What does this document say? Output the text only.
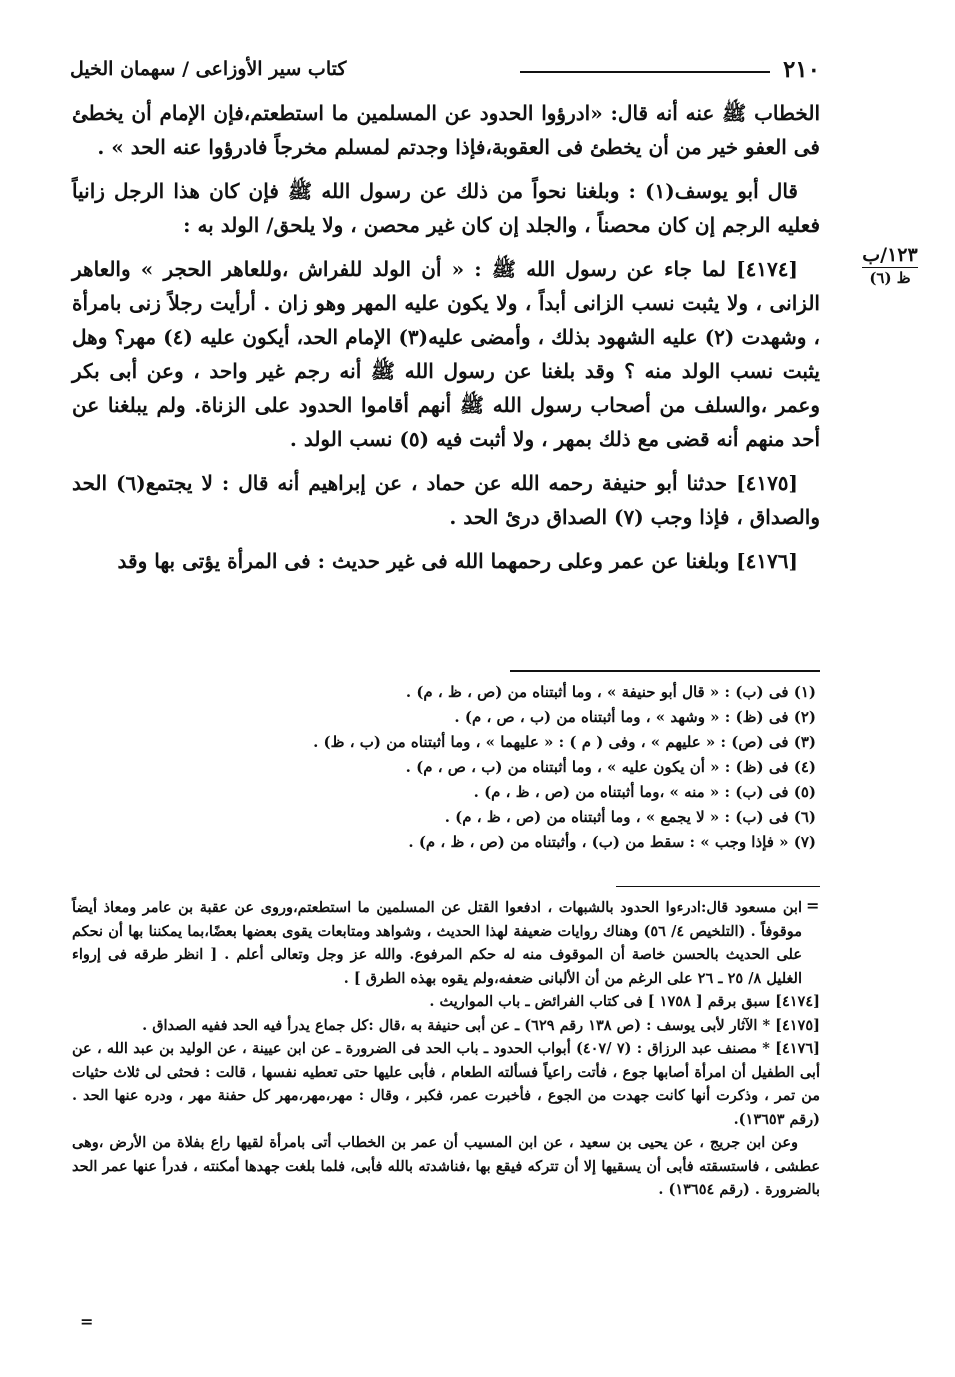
٢١٠
كتاب سير الأوزاعى / سهمان الخيل
١٢٣/ب
ظ (٦)

الخطاب ﷺ عنه أنه قال: «ادرؤوا الحدود عن المسلمين ما استطعتم،فإن الإمام أن يخطئ فى العفو خير من أن يخطئ فى العقوبة،فإذا وجدتم لمسلم مخرجاً فادرؤوا عنه الحد » .

قال أبو يوسف(١) : وبلغنا نحواً من ذلك عن رسول الله ﷺ فإن كان هذا الرجل زانياً فعليه الرجم إن كان محصناً ، والجلد إن كان غير محصن ، ولا يلحق/ الولد به :

[٤١٧٤] لما جاء عن رسول الله ﷺ : « أن الولد للفراش ،وللعاهر الحجر » والعاهر الزانى ، ولا يثبت نسب الزانى أبداً ، ولا يكون عليه المهر وهو زان . أرأيت رجلاً زنى بامرأة ، وشهدت (٢) عليه الشهود بذلك ، وأمضى عليه(٣) الإمام الحد، أيكون عليه (٤) مهر؟ وهل يثبت نسب الولد منه ؟ وقد بلغنا عن رسول الله ﷺ أنه رجم غير واحد ، وعن أبى بكر وعمر ،والسلف من أصحاب رسول الله ﷺ أنهم أقاموا الحدود على الزناة. ولم يبلغنا عن أحد منهم أنه قضى مع ذلك بمهر ، ولا أثبت فيه (٥) نسب الولد .

[٤١٧٥] حدثنا أبو حنيفة رحمه الله عن حماد ، عن إبراهيم أنه قال : لا يجتمع(٦) الحد والصداق ، فإذا وجب (٧) الصداق درئ الحد .

[٤١٧٦] وبلغنا عن عمر وعلى رحمهما الله فى غير حديث : فى المرأة يؤتى بها وقد

(١) فى (ب) : « قال أبو حنيفة » ، وما أثبتناه من (ص ، ظ ، م) .
(٢) فى (ظ) : « وشهد » ، وما أثبتناه من (ب ، ص ، م) .
(٣) فى (ص) : « عليهم » ، وفى ( م ) : « عليهما » ، وما أثبتناه من (ب ، ظ) .
(٤) فى (ظ) : « أن يكون عليه » ، وما أثبتناه من (ب ، ص ، م) .
(٥) فى (ب) : « منه » ،وما أثبتناه من (ص ، ظ ، م) .
(٦) فى (ب) : « لا يجمع » ، وما أثبتناه من (ص ، ظ ، م) .
(٧) « فإذا وجب » : سقط من (ب) ، وأثبتناه من (ص ، ظ ، م) .
=

ابن مسعود قال:ادرءوا الحدود بالشبهات ، ادفعوا القتل عن المسلمين ما استطعتم،وروى عن عقبة بن عامر ومعاذ أيضاً موقوفاً . (التلخيص ٤/ ٥٦) وهناك روايات ضعيفة لهذا الحديث ، وشواهد ومتابعات يقوى بعضها بعضًا،بما يمكننا بها أن نحكم على الحديث بالحسن خاصة أن الموقوف منه له حكم المرفوع. والله عز وجل وتعالى أعلم . [ انظر طرقه فى إرواء الغليل ٨/ ٢٥ ـ ٢٦ على الرغم من أن الألبانى ضعفه،ولم يقوه بهذه الطرق ] .

[٤١٧٤] سبق برقم [ ١٧٥٨ ] فى كتاب الفرائض ـ باب المواريث .

[٤١٧٥] * الآثار لأبى يوسف : (ص ١٣٨ رقم ٦٢٩) ـ عن أبى حنيفة به ،قال :كل جماع يدرأ فيه الحد ففيه الصداق .

[٤١٧٦] * مصنف عبد الرزاق : (٧ /٤٠٧) أبواب الحدود ـ باب الحد فى الضرورة ـ عن ابن عيينة ، عن الوليد بن عبد الله ، عن أبى الطفيل أن امرأة أصابها جوع ، فأتت راعياً فسألته الطعام ، فأبى عليها حتى تعطيه نفسها ، قالت : فحثى لى ثلاث حثيات من تمر ، وذكرت أنها كانت جهدت من الجوع ، فأخبرت عمر، فكبر ، وقال : مهر،مهر،مهر كل حفنة مهر ، ودره عنها الحد . (رقم ١٣٦٥٣).

وعن ابن جريج ، عن يحيى بن سعيد ، عن ابن المسيب أن عمر بن الخطاب أتى بامرأة لقيها راع بفلاة من الأرض ،وهى عطشى ، فاستسقته فأبى أن يسقيها إلا أن تتركه فيقع بها ،فناشدته بالله فأبى، فلما بلغت جهدها أمكنته ، فدرأ عنها عمر الحد بالضرورة . (رقم ١٣٦٥٤) .

=
